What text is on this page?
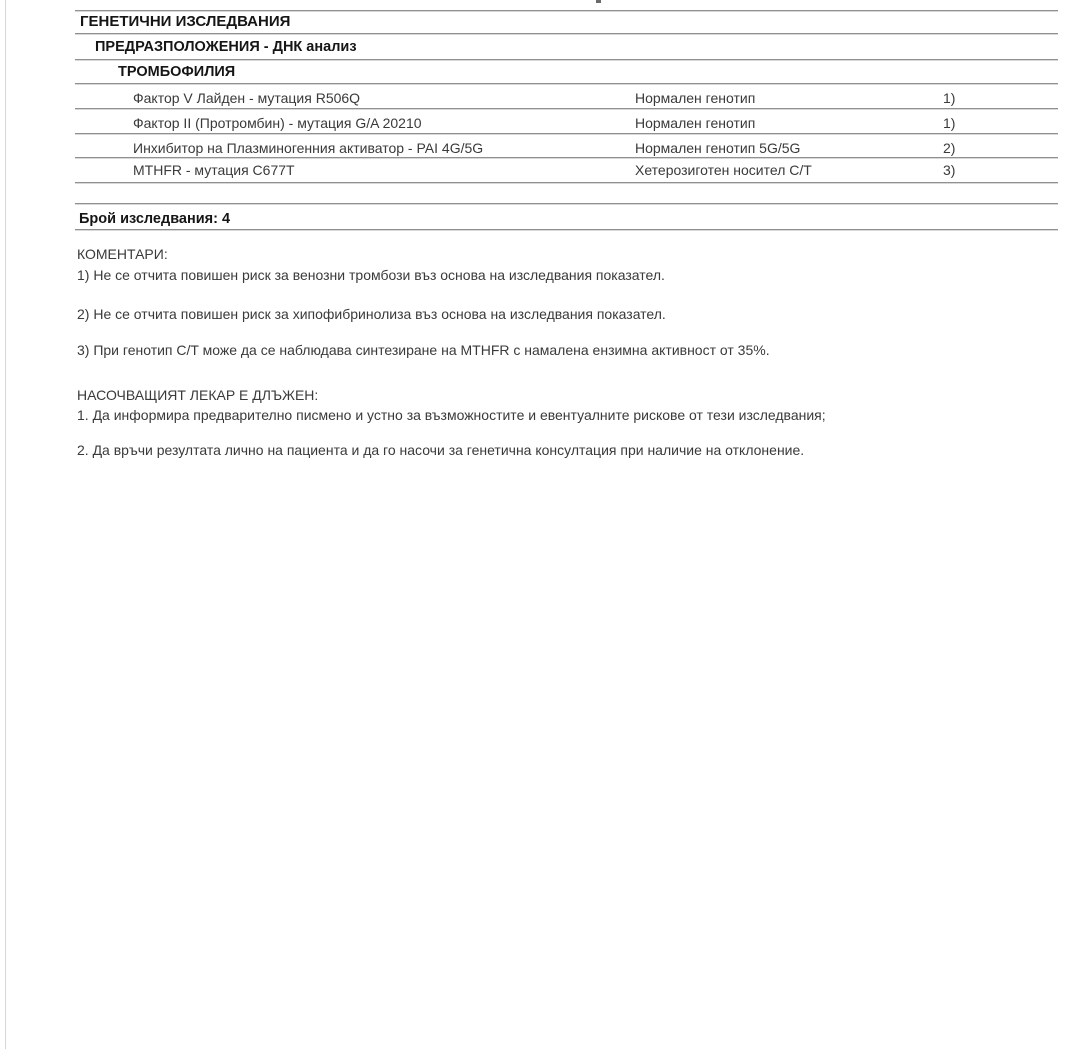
ГЕНЕТИЧНИ ИЗСЛЕДВАНИЯ
ПРЕДРАЗПОЛОЖЕНИЯ - ДНК анализ
ТРОМБОФИЛИЯ
Фактор V Лайден - мутация R506Q	Нормален генотип	1)
Фактор II (Протромбин) - мутация G/A 20210	Нормален генотип	1)
Инхибитор на Плазминогенния активатор - PAI 4G/5G	Нормален генотип 5G/5G	2)
MTHFR - мутация C677T	Хетерозиготен носител C/T	3)
Брой изследвания: 4
КОМЕНТАРИ:
1) Не се отчита повишен риск за венозни тромбози въз основа на изследвания показател.
2) Не се отчита повишен риск за хипофибринолиза въз основа на изследвания показател.
3) При генотип C/T може да се наблюдава синтезиране на MTHFR с намалена ензимна активност от 35%.
НАСОЧВАЩИЯТ ЛЕКАР Е ДЛЪЖЕН:
1. Да информира предварително писмено и устно за възможностите и евентуалните рискове от тези изследвания;
2. Да връчи резултата лично на пациента и да го насочи за генетична консултация при наличие на отклонение.
